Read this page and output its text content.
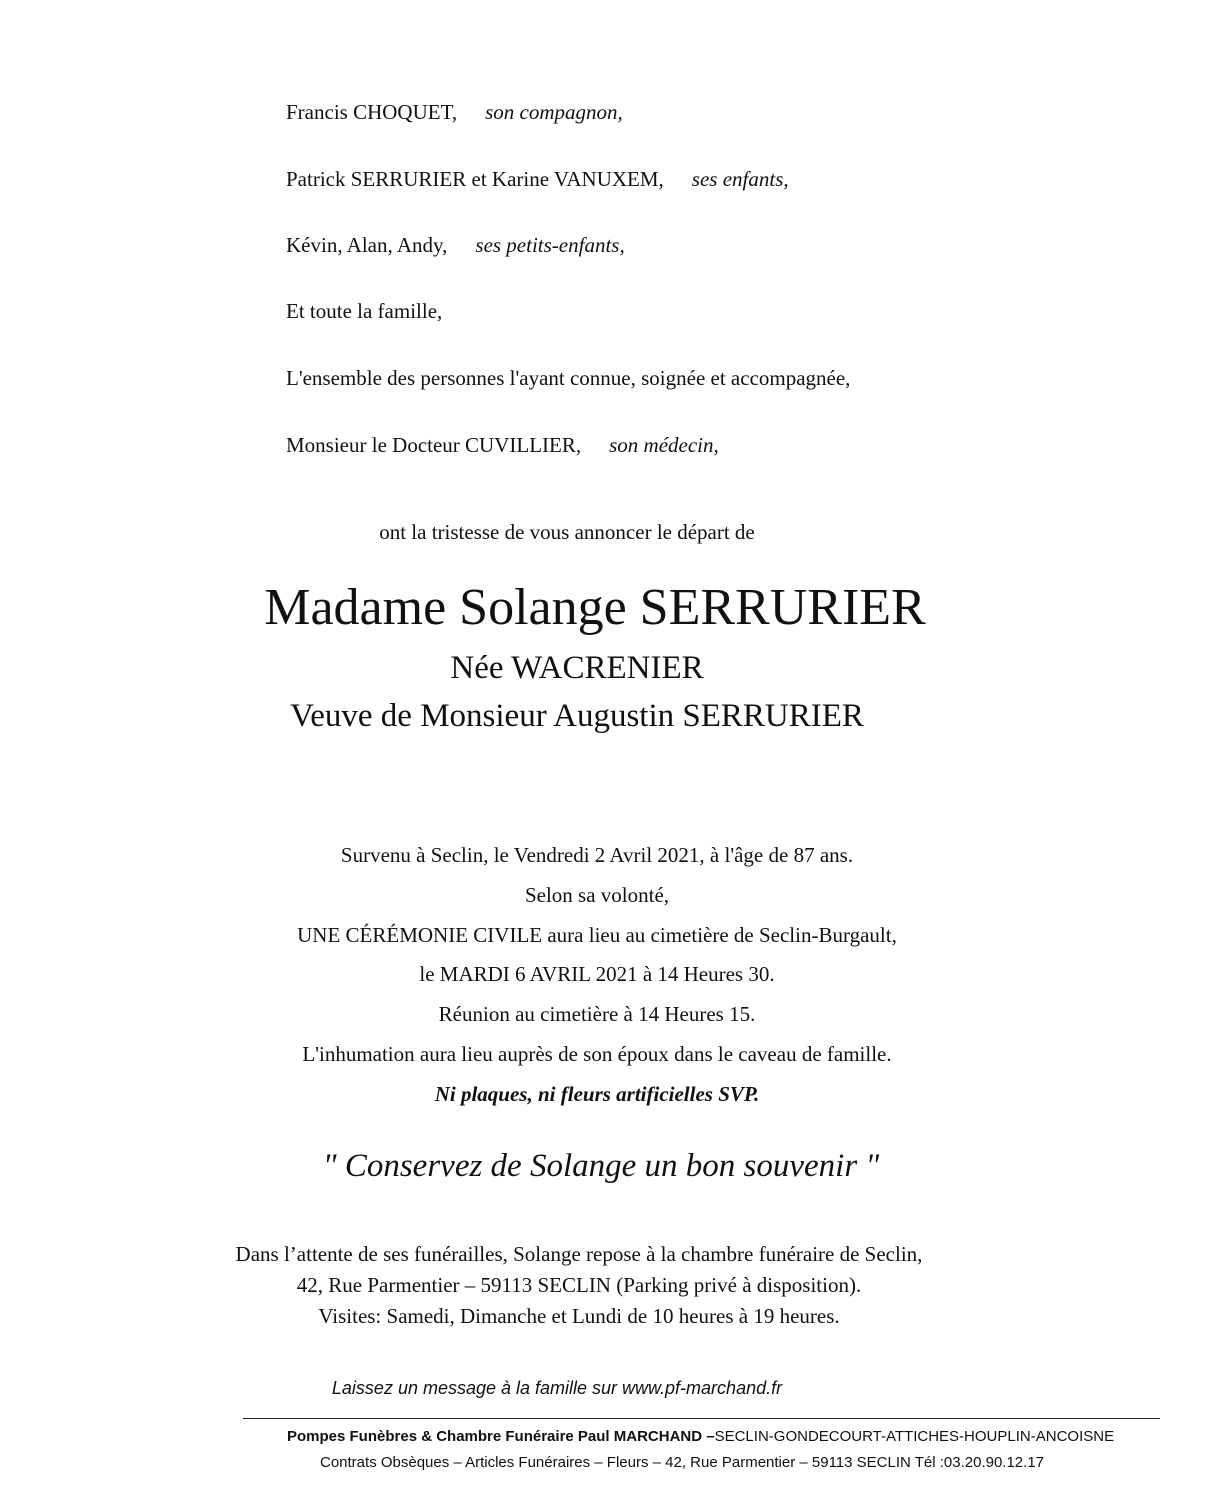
Francis CHOQUET, son compagnon,
Patrick SERRURIER et Karine VANUXEM, ses enfants,
Kévin, Alan, Andy, ses petits-enfants,
Et toute la famille,
L'ensemble des personnes l'ayant connue, soignée et accompagnée,
Monsieur le Docteur CUVILLIER, son médecin,
ont la tristesse de vous annoncer le départ de
Madame Solange SERRURIER
Née WACRENIER
Veuve de Monsieur Augustin SERRURIER
Survenu à Seclin, le Vendredi 2 Avril 2021, à l'âge de 87 ans.
Selon sa volonté,
UNE CÉRÉMONIE CIVILE aura lieu au cimetière de Seclin-Burgault,
le MARDI 6 AVRIL 2021 à 14 Heures 30.
Réunion au cimetière à 14 Heures 15.
L'inhumation aura lieu auprès de son époux dans le caveau de famille.
Ni plaques, ni fleurs artificielles SVP.
" Conservez de Solange un bon souvenir "
Dans l’attente de ses funérailles, Solange repose à la chambre funéraire de Seclin,
42, Rue Parmentier – 59113 SECLIN (Parking privé à disposition).
Visites: Samedi, Dimanche et Lundi de 10 heures à 19 heures.
Laissez un message à la famille sur www.pf-marchand.fr
Pompes Funèbres & Chambre Funéraire Paul MARCHAND –SECLIN-GONDECOURT-ATTICHES-HOUPLIN-ANCOISNE
Contrats Obsèques – Articles Funéraires – Fleurs – 42, Rue Parmentier – 59113 SECLIN Tél :03.20.90.12.17
